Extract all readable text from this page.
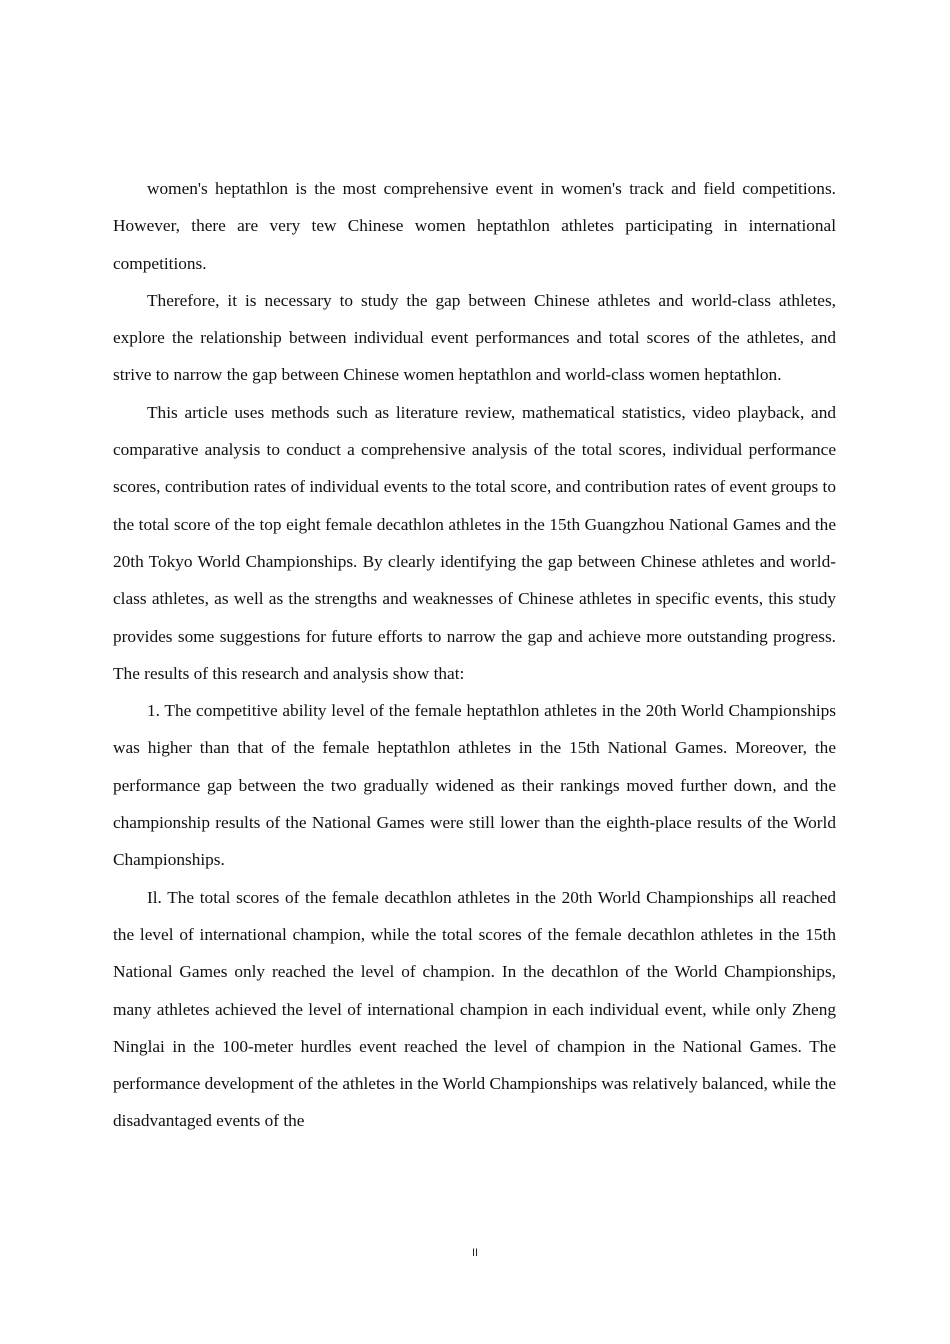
women's heptathlon is the most comprehensive event in women's track and field competitions. However, there are very tew Chinese women heptathlon athletes participating in international competitions.

Therefore, it is necessary to study the gap between Chinese athletes and world-class athletes, explore the relationship between individual event performances and total scores of the athletes, and strive to narrow the gap between Chinese women heptathlon and world-class women heptathlon.

This article uses methods such as literature review, mathematical statistics, video playback, and comparative analysis to conduct a comprehensive analysis of the total scores, individual performance scores, contribution rates of individual events to the total score, and contribution rates of event groups to the total score of the top eight female decathlon athletes in the 15th Guangzhou National Games and the 20th Tokyo World Championships. By clearly identifying the gap between Chinese athletes and world-class athletes, as well as the strengths and weaknesses of Chinese athletes in specific events, this study provides some suggestions for future efforts to narrow the gap and achieve more outstanding progress. The results of this research and analysis show that:

1. The competitive ability level of the female heptathlon athletes in the 20th World Championships was higher than that of the female heptathlon athletes in the 15th National Games. Moreover, the performance gap between the two gradually widened as their rankings moved further down, and the championship results of the National Games were still lower than the eighth-place results of the World Championships.

Il. The total scores of the female decathlon athletes in the 20th World Championships all reached the level of international champion, while the total scores of the female decathlon athletes in the 15th National Games only reached the level of champion. In the decathlon of the World Championships, many athletes achieved the level of international champion in each individual event, while only Zheng Ninglai in the 100-meter hurdles event reached the level of champion in the National Games. The performance development of the athletes in the World Championships was relatively balanced, while the disadvantaged events of the

II
